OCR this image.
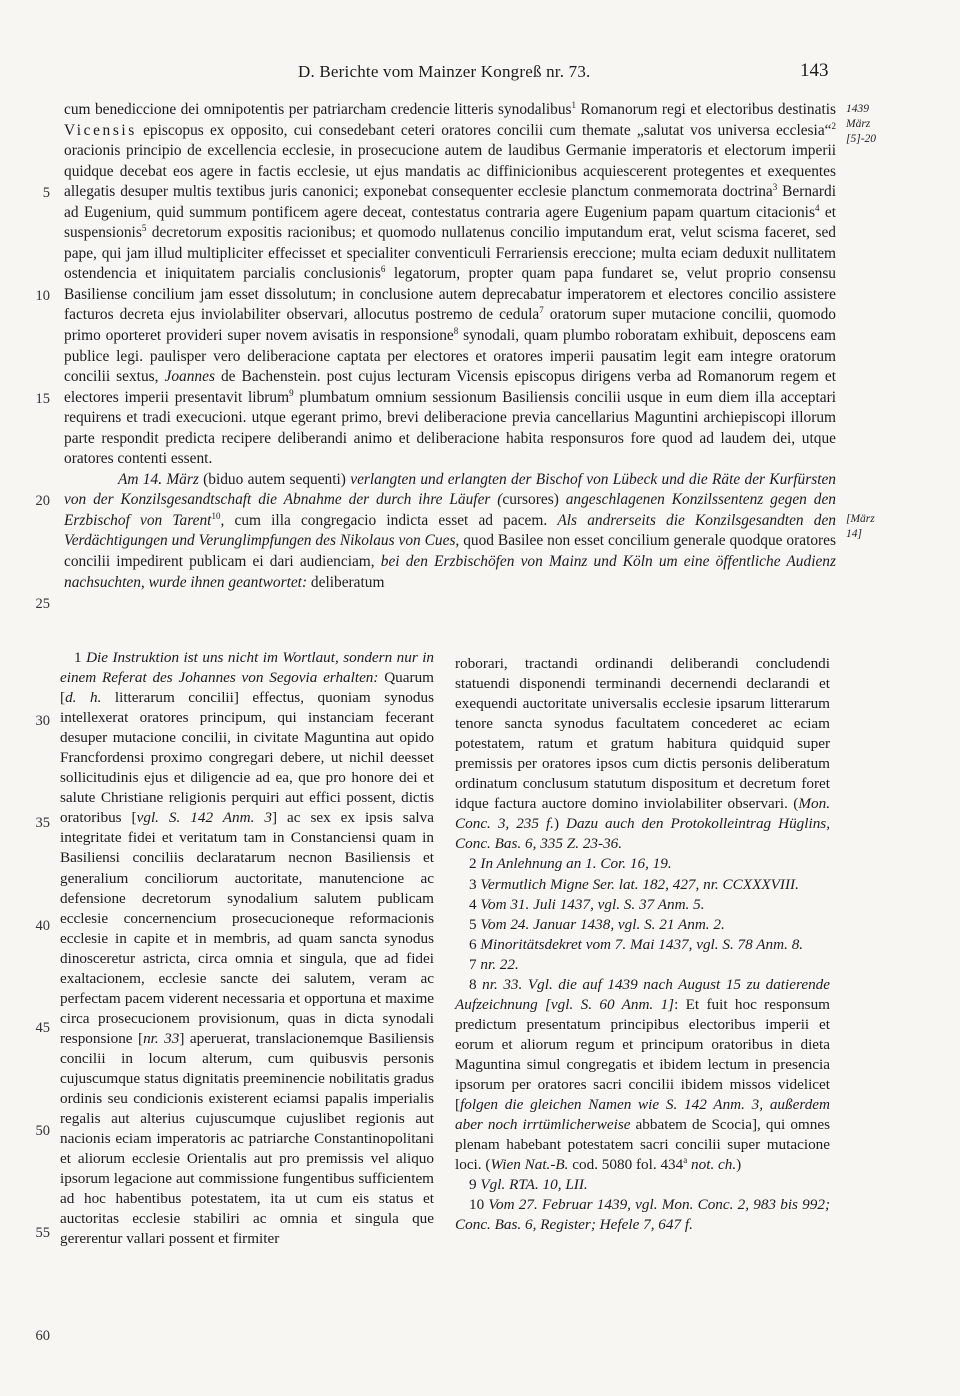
D. Berichte vom Mainzer Kongreß nr. 73.	143
1439
März
[5]-20
[März
14]
5
10
15
20
25
30
35
40
45
50
55
60

cum benediccione dei omnipotentis per patriarcham credencie litteris synodalibus$^1$ Romanorum regi et electoribus destinatis Vicensis episcopus ex opposito, cui consedebant ceteri oratores concilii cum themate „salutat vos universa ecclesia“$^2$ oracionis principio de excellencia ecclesie, in prosecucione autem de laudibus Germanie imperatoris et electorum imperii quidque decebat eos agere in factis ecclesie, ut ejus mandatis ac diffinicionibus acquiescerent protegentes et exequentes allegatis desuper multis textibus juris canonici; exponebat consequenter ecclesie planctum conmemorata doctrina$^3$ Bernardi ad Eugenium, quid summum pontificem agere deceat, contestatus contraria agere Eugenium papam quartum citacionis$^4$ et suspensionis$^5$ decretorum expositis racionibus; et quomodo nullatenus concilio imputandum erat, velut scisma faceret, sed pape, qui jam illud multipliciter effecisset et specialiter conventiculi Ferrariensis ereccione; multa eciam deduxit nullitatem ostendencia et iniquitatem parcialis conclusionis$^6$ legatorum, propter quam papa fundaret se, velut proprio consensu Basiliense concilium jam esset dissolutum; in conclusione autem deprecabatur imperatorem et electores concilio assistere facturos decreta ejus inviolabiliter observari, allocutus postremo de cedula$^7$ oratorum super mutacione concilii, quomodo primo oporteret provideri super novem avisatis in responsione$^8$ synodali, quam plumbo roboratam exhibuit, deposcens eam publice legi. paulisper vero deliberacione captata per electores et oratores imperii pausatim legit eam integre oratorum concilii sextus, Joannes de Bachenstein. post cujus lecturam Vicensis episcopus dirigens verba ad Romanorum regem et electores imperii presentavit librum$^9$ plumbatum omnium sessionum Basiliensis concilii usque in eum diem illa acceptari requirens et tradi execucioni. utque egerant primo, brevi deliberacione previa cancellarius Maguntini archiepiscopi illorum parte respondit predicta recipere deliberandi animo et deliberacione habita responsuros fore quod ad laudem dei, utque oratores contenti essent.

Am 14. März (biduo autem sequenti) verlangten und erlangten der Bischof von Lübeck und die Räte der Kurfürsten von der Konzilsgesandtschaft die Abnahme der durch ihre Läufer (cursores) angeschlagenen Konzilssentenz gegen den Erzbischof von Tarent$^{10}$, cum illa congregacio indicta esset ad pacem. Als andrerseits die Konzilsgesandten den Verdächtigungen und Verunglimpfungen des Nikolaus von Cues, quod Basilee non esset concilium generale quodque oratores concilii impedirent publicam ei dari audienciam, bei den Erzbischöfen von Mainz und Köln um eine öffentliche Audienz nachsuchten, wurde ihnen geantwortet: deliberatum

1 Die Instruktion ist uns nicht im Wortlaut, sondern nur in einem Referat des Johannes von Segovia erhalten: Quarum [d. h. litterarum concilii] effectus, quoniam synodus intellexerat oratores principum, qui instanciam fecerant desuper mutacione concilii, in civitate Maguntina aut opido Francfordensi proximo congregari debere, ut nichil deesset sollicitudinis ejus et diligencie ad ea, que pro honore dei et salute Christiane religionis perquiri aut effici possent, dictis oratoribus [vgl. S. 142 Anm. 3] ac sex ex ipsis salva integritate fidei et veritatum tam in Constanciensi quam in Basiliensi conciliis declaratarum necnon Basiliensis et generalium conciliorum auctoritate, manutencione ac defensione decretorum synodalium salutem publicam ecclesie concernencium prosecucioneque reformacionis ecclesie in capite et in membris, ad quam sancta synodus dinosceretur astricta, circa omnia et singula, que ad fidei exaltacionem, ecclesie sancte dei salutem, veram ac perfectam pacem viderent necessaria et opportuna et maxime circa prosecucionem provisionum, quas in dicta synodali responsione [nr. 33] aperuerat, translacionemque Basiliensis concilii in locum alterum, cum quibusvis personis cujuscumque status dignitatis preeminencie nobilitatis gradus ordinis seu condicionis existerent eciamsi papalis imperialis regalis aut alterius cujuscumque cujuslibet regionis aut nacionis eciam imperatoris ac patriarche Constantinopolitani et aliorum ecclesie Orientalis aut pro premissis vel aliquo ipsorum legacione aut commissione fungentibus sufficientem ad hoc habentibus potestatem, ita ut cum eis status et auctoritas ecclesie stabiliri ac omnia et singula que gererentur vallari possent et firmiter

roborari, tractandi ordinandi deliberandi concludendi statuendi disponendi terminandi decernendi declarandi et exequendi auctoritate universalis ecclesie ipsarum litterarum tenore sancta synodus facultatem concederet ac eciam potestatem, ratum et gratum habitura quidquid super premissis per oratores ipsos cum dictis personis deliberatum ordinatum conclusum statutum dispositum et decretum foret idque factura auctore domino inviolabiliter observari. (Mon. Conc. 3, 235 f.) Dazu auch den Protokolleintrag Hüglins, Conc. Bas. 6, 335 Z. 23-36.

2 In Anlehnung an 1. Cor. 16, 19.

3 Vermutlich Migne Ser. lat. 182, 427, nr. CCXXXVIII.

4 Vom 31. Juli 1437, vgl. S. 37 Anm. 5.

5 Vom 24. Januar 1438, vgl. S. 21 Anm. 2.

6 Minoritätsdekret vom 7. Mai 1437, vgl. S. 78 Anm. 8.

7 nr. 22.

8 nr. 33. Vgl. die auf 1439 nach August 15 zu datierende Aufzeichnung [vgl. S. 60 Anm. 1]: Et fuit hoc responsum predictum presentatum principibus electoribus imperii et eorum et aliorum regum et principum oratoribus in dieta Maguntina simul congregatis et ibidem lectum in presencia ipsorum per oratores sacri concilii ibidem missos videlicet [folgen die gleichen Namen wie S. 142 Anm. 3, außerdem aber noch irrtümlicherweise abbatem de Scocia], qui omnes plenam habebant potestatem sacri concilii super mutacione loci. (Wien Nat.-B. cod. 5080 fol. 434$^a$ not. ch.)

9 Vgl. RTA. 10, LII.

10 Vom 27. Februar 1439, vgl. Mon. Conc. 2, 983 bis 992; Conc. Bas. 6, Register; Hefele 7, 647 f.
